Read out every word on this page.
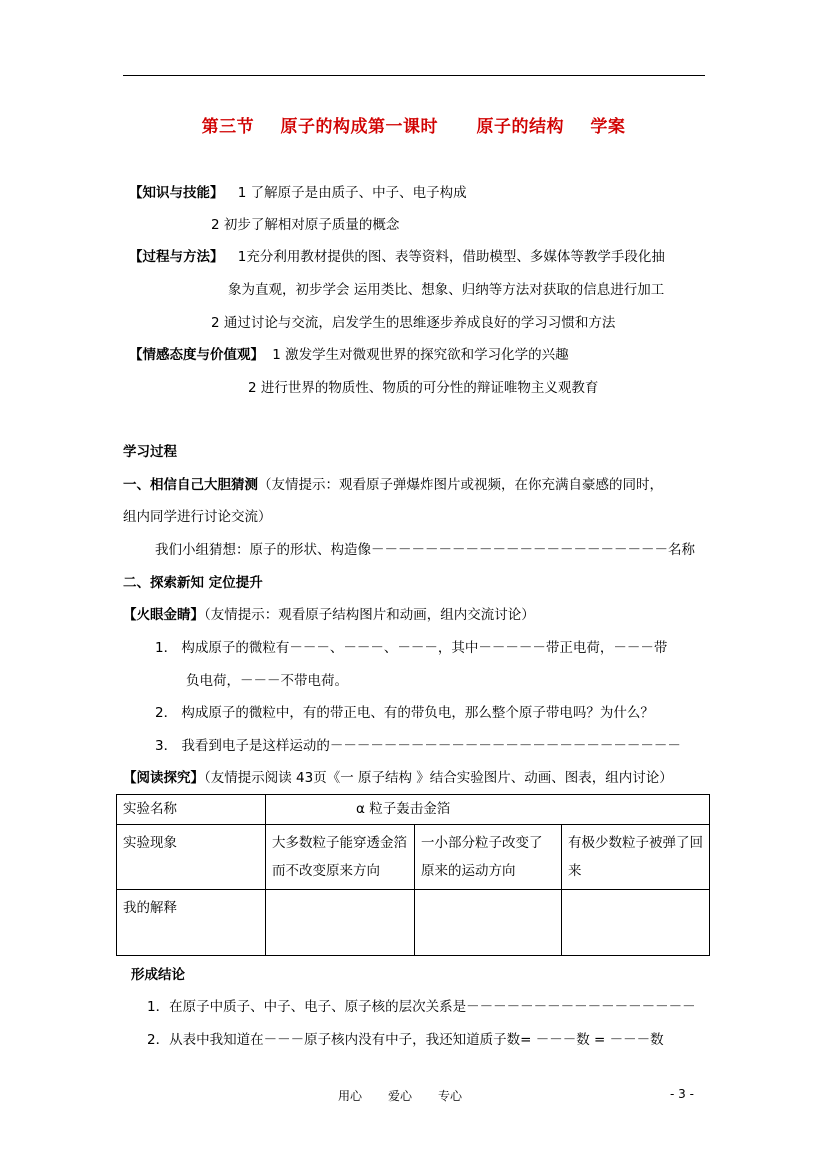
第三节 原子的构成第一课时 原子的结构 学案
【知识与技能】 1 了解原子是由质子、中子、电子构成
2 初步了解相对原子质量的概念
【过程与方法】 1充分利用教材提供的图、表等资料，借助模型、多媒体等教学手段化抽
象为直观，初步学会 运用类比、想象、归纳等方法对获取的信息进行加工
2 通过讨论与交流，启发学生的思维逐步养成良好的学习习惯和方法
【情感态度与价值观】 1 激发学生对微观世界的探究欲和学习化学的兴趣
2 进行世界的物质性、物质的可分性的辩证唯物主义观教育
学习过程
一、相信自己大胆猜测（友情提示：观看原子弹爆炸图片或视频，在你充满自豪感的同时，
组内同学进行讨论交流）
我们小组猜想：原子的形状、构造像－－－－－－－－－－－－－－－－－－－－－－名称
二、探索新知 定位提升
【火眼金睛】（友情提示：观看原子结构图片和动画，组内交流讨论）
1． 构成原子的微粒有－－－、－－－、－－－，其中－－－－－带正电荷，－－－带
负电荷，－－－不带电荷。
2． 构成原子的微粒中，有的带正电、有的带负电，那么整个原子带电吗？为什么？
3． 我看到电子是这样运动的－－－－－－－－－－－－－－－－－－－－－－－－－－
【阅读探究】（友情提示阅读 43页《一 原子结构 》结合实验图片、动画、图表，组内讨论）
实验名称	α 粒子轰击金箔		
实验现象	大多数粒子能穿透金箔而不改变原来方向	一小部分粒子改变了原来的运动方向	有极少数粒子被弹了回来
我的解释			
形成结论
1．在原子中质子、中子、电子、原子核的层次关系是－－－－－－－－－－－－－－－－－
2．从表中我知道在－－－原子核内没有中子，我还知道质子数= －－－数 = －－－数
用心 爱心 专心	- 3 -
